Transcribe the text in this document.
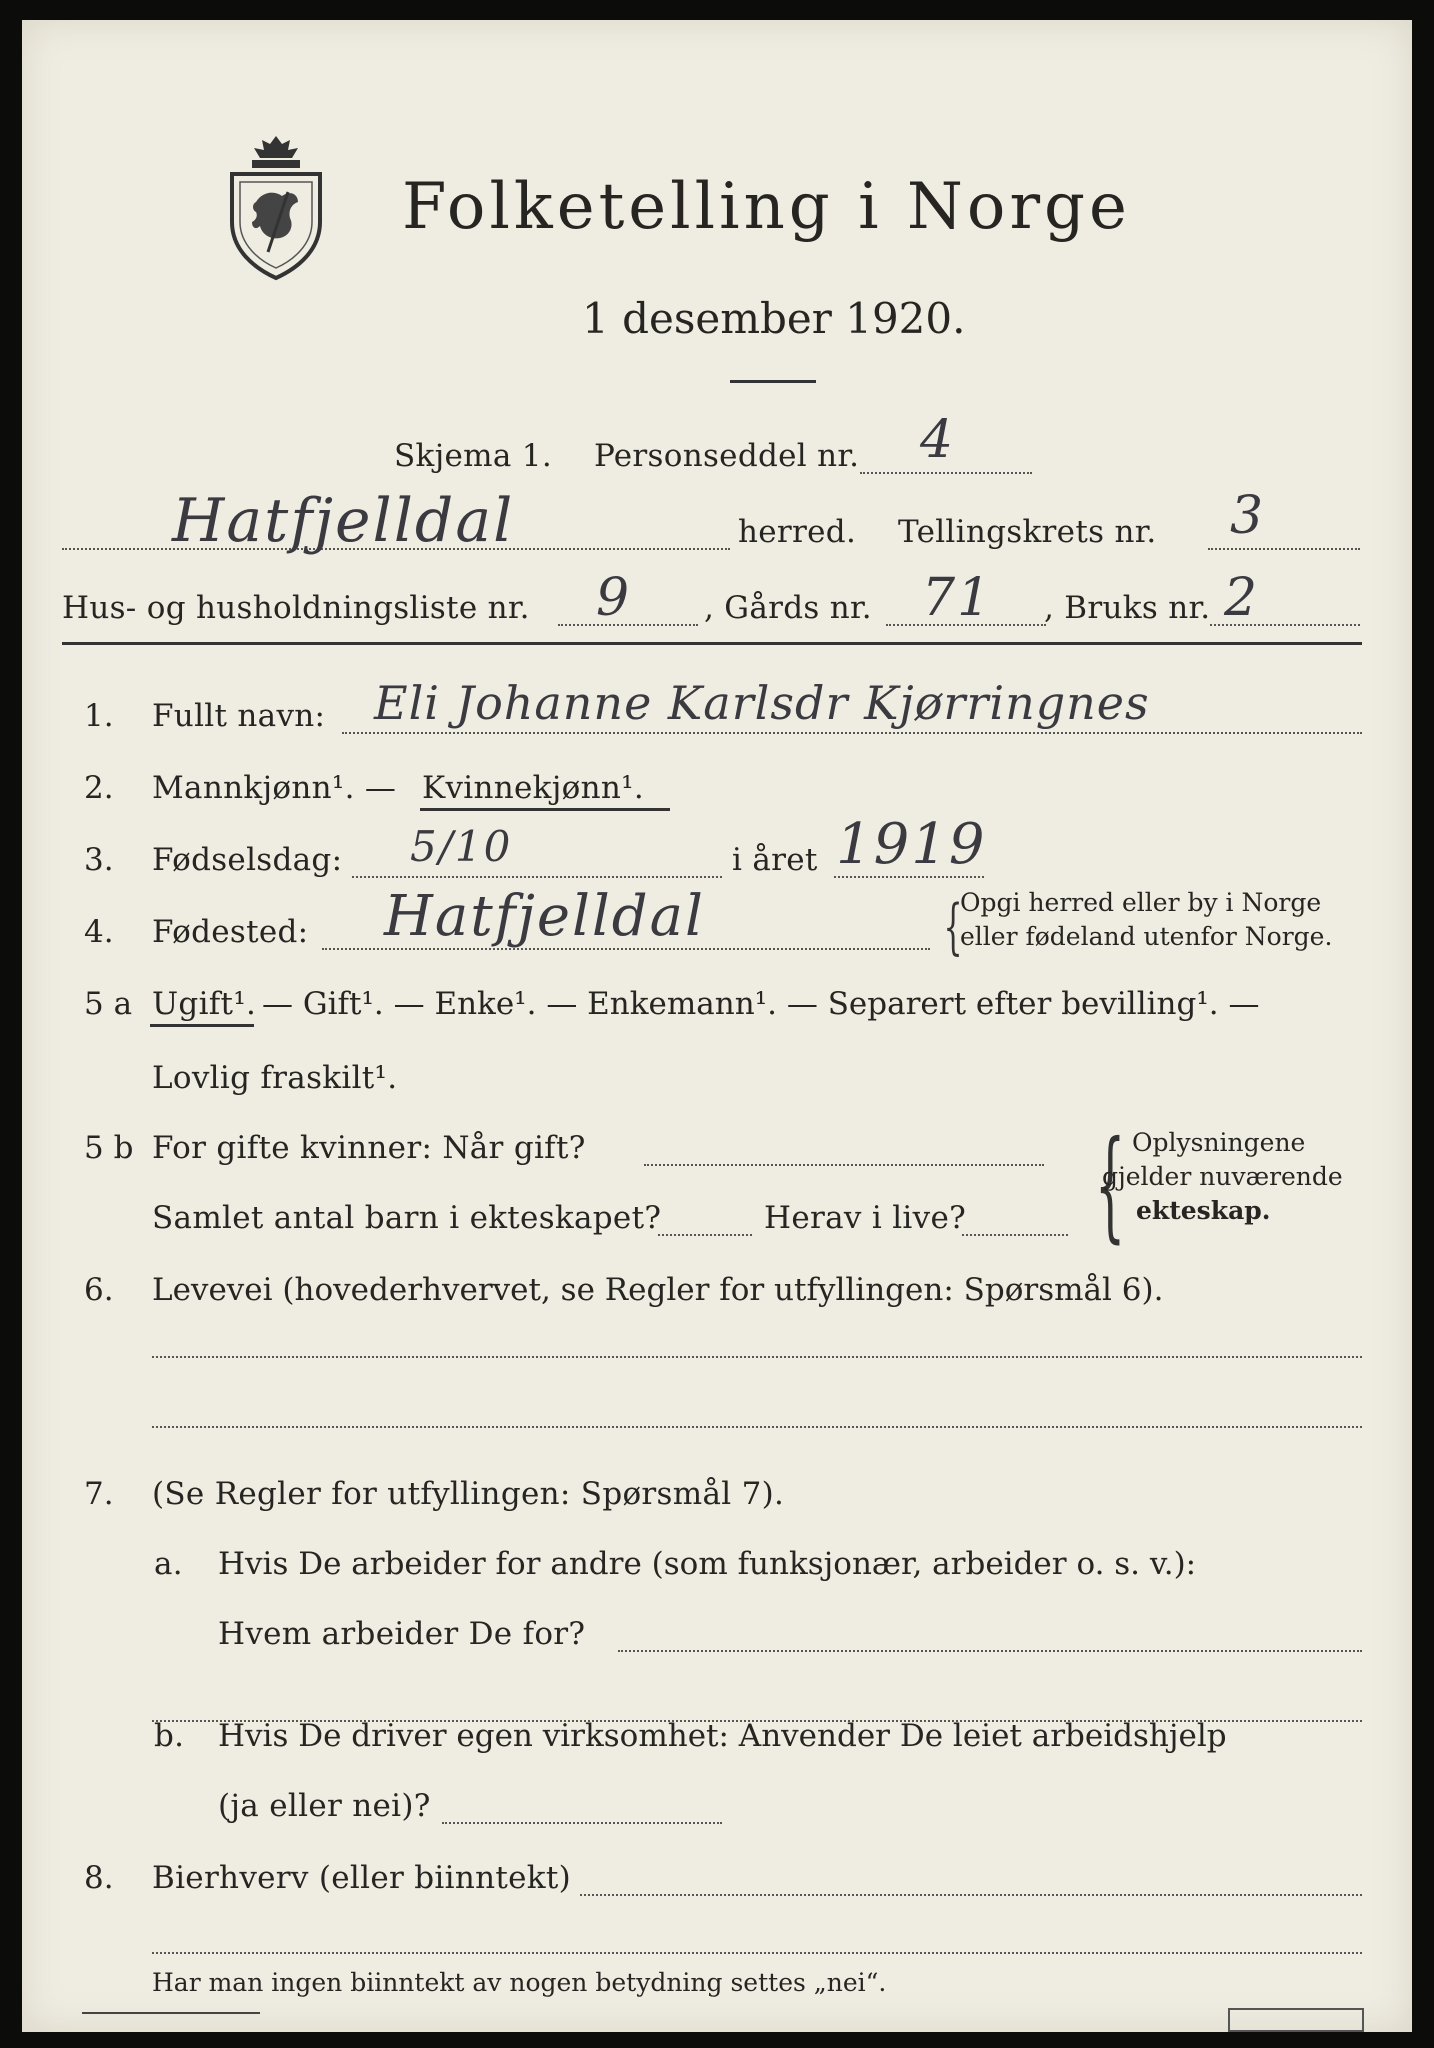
Folketelling i Norge
1 desember 1920.
Skjema 1. Personseddel nr. 4
Hatfjelldal	herred. Tellingskrets nr. 3
Hus- og husholdningsliste nr. 9 , Gårds nr. 71 , Bruks nr. 2
1. Fullt navn: Eli Johanne Karlsdr Kjørringnes
2. Mannkjønn¹. — Kvinnekjønn¹.
3. Fødselsdag: 5/10	i året 1919
4. Fødested: Hatfjelldal	{
Opgi herred eller by i Norge
eller fødeland utenfor Norge.
5 a Ugift¹. — Gift¹. — Enke¹. — Enkemann¹. — Separert efter bevilling¹. —
Lovlig fraskilt¹.
5 b For gifte kvinner: Når gift?
Samlet antal barn i ekteskapet?	Herav i live? { Oplysningene
gjelder nuværende
ekteskap.
6. Levevei (hovederhvervet, se Regler for utfyllingen: Spørsmål 6).
7. (Se Regler for utfyllingen: Spørsmål 7).
a. Hvis De arbeider for andre (som funksjonær, arbeider o. s. v.):
Hvem arbeider De for?
b. Hvis De driver egen virksomhet: Anvender De leiet arbeidshjelp
(ja eller nei)?
8. Bierhverv (eller biinntekt)
Har man ingen biinntekt av nogen betydning settes „nei“.
